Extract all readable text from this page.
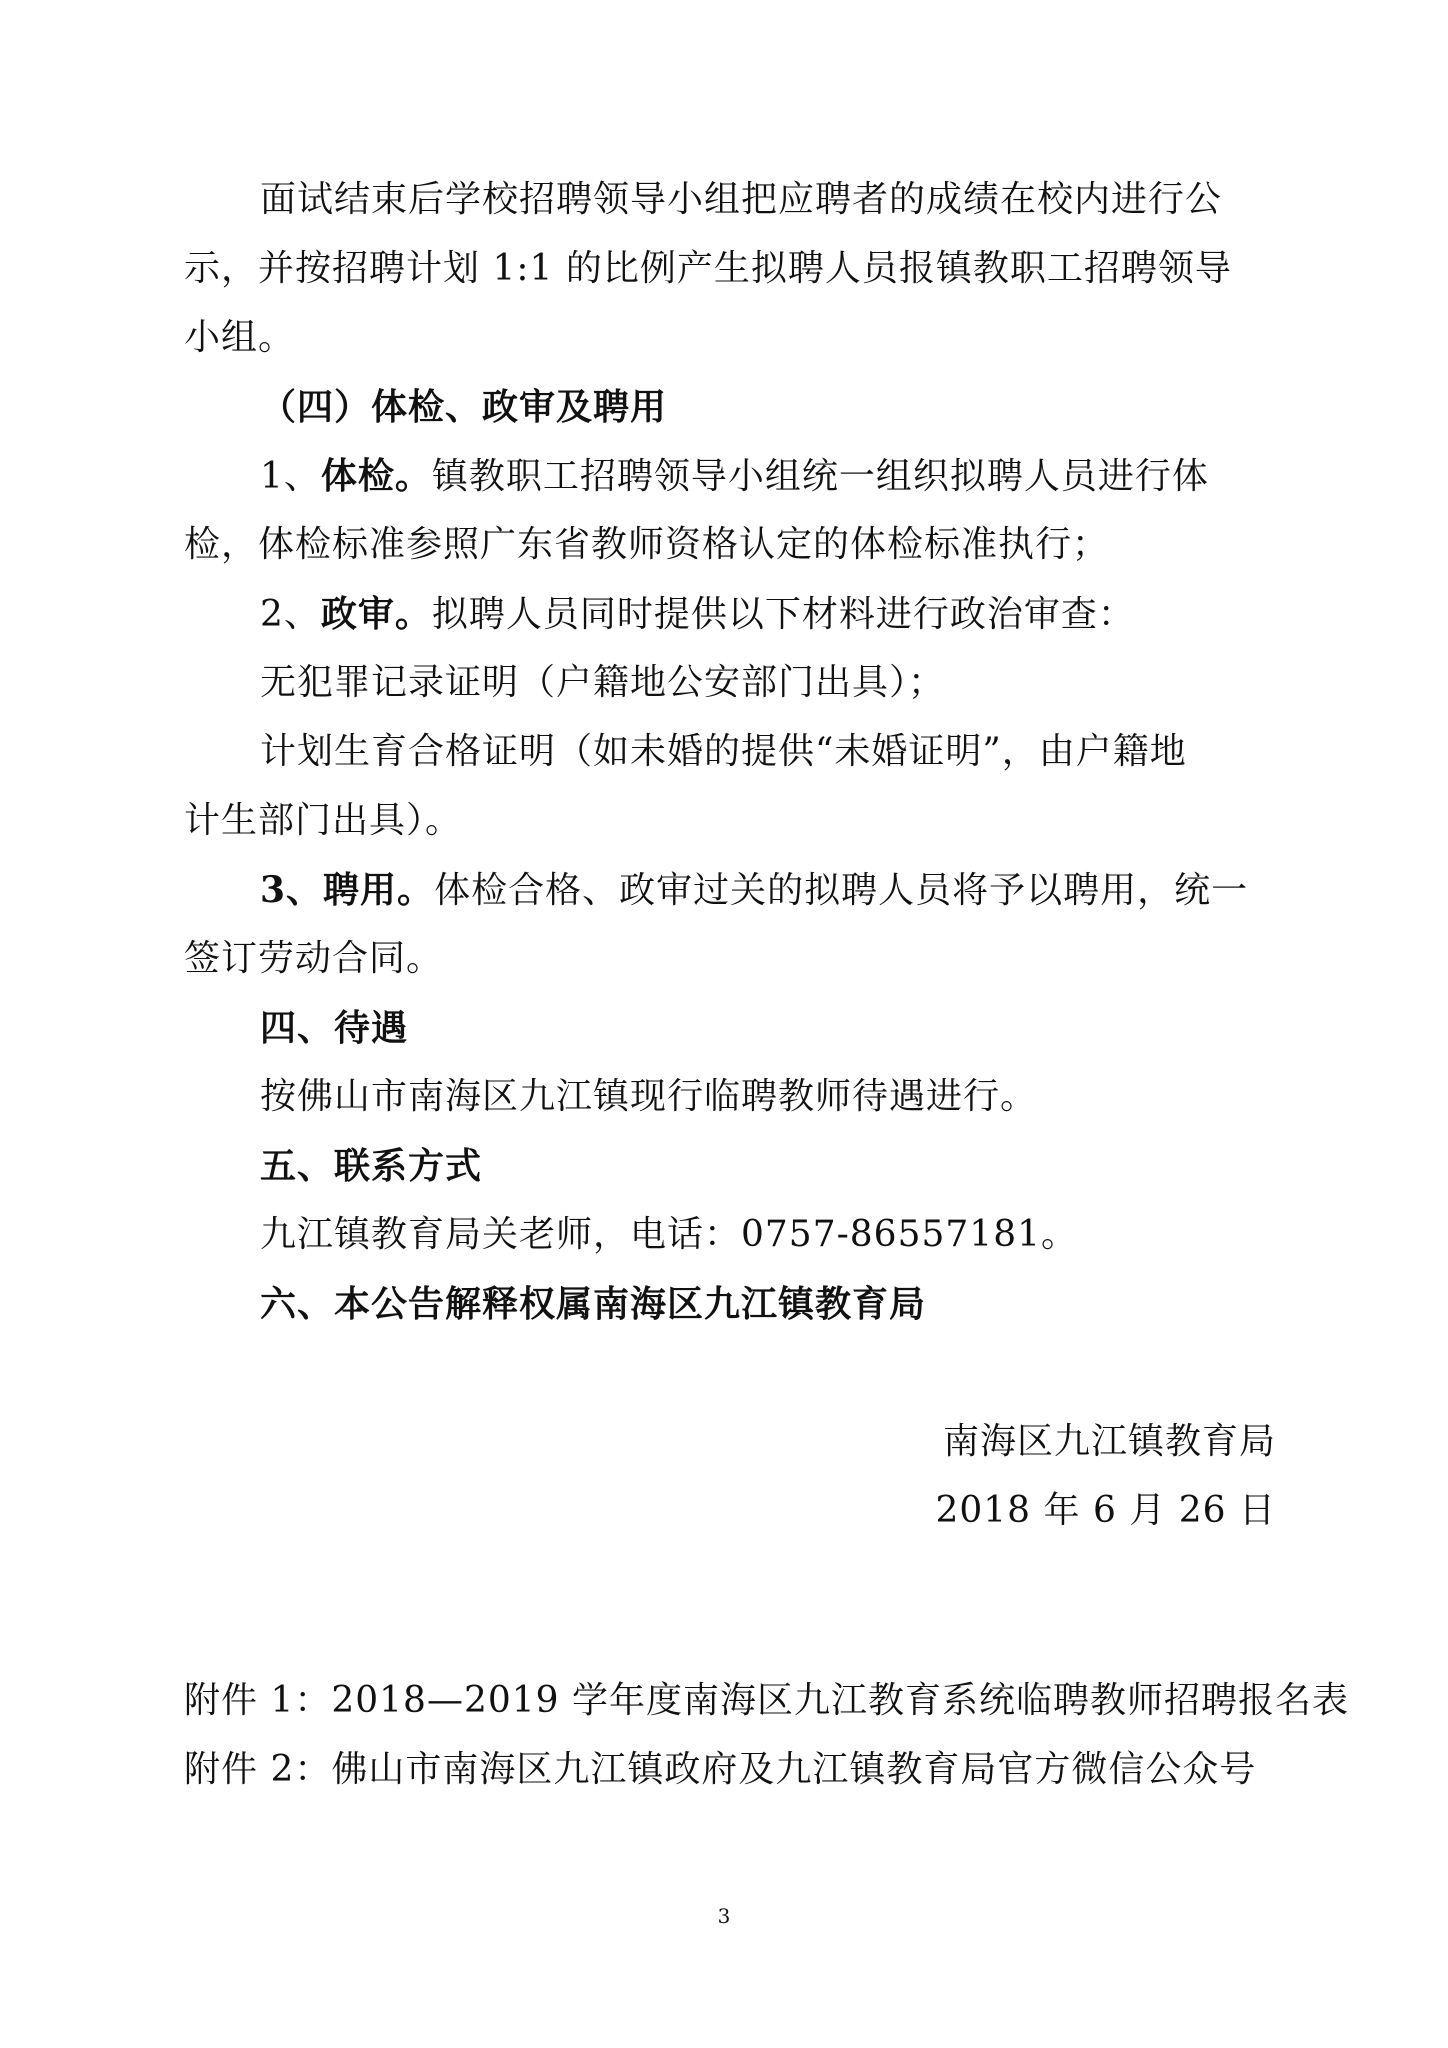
面试结束后学校招聘领导小组把应聘者的成绩在校内进行公
示，并按招聘计划 1:1 的比例产生拟聘人员报镇教职工招聘领导
小组。
（四）体检、政审及聘用
1、体检。镇教职工招聘领导小组统一组织拟聘人员进行体
检，体检标准参照广东省教师资格认定的体检标准执行；
2、政审。拟聘人员同时提供以下材料进行政治审查：
无犯罪记录证明（户籍地公安部门出具）；
计划生育合格证明（如未婚的提供“未婚证明”，由户籍地
计生部门出具）。
3、聘用。体检合格、政审过关的拟聘人员将予以聘用，统一
签订劳动合同。
四、待遇
按佛山市南海区九江镇现行临聘教师待遇进行。
五、联系方式
九江镇教育局关老师，电话：0757-86557181。
六、本公告解释权属南海区九江镇教育局
南海区九江镇教育局
2018 年 6 月 26 日
附件 1：2018—2019 学年度南海区九江教育系统临聘教师招聘报名表
附件 2：佛山市南海区九江镇政府及九江镇教育局官方微信公众号
3
